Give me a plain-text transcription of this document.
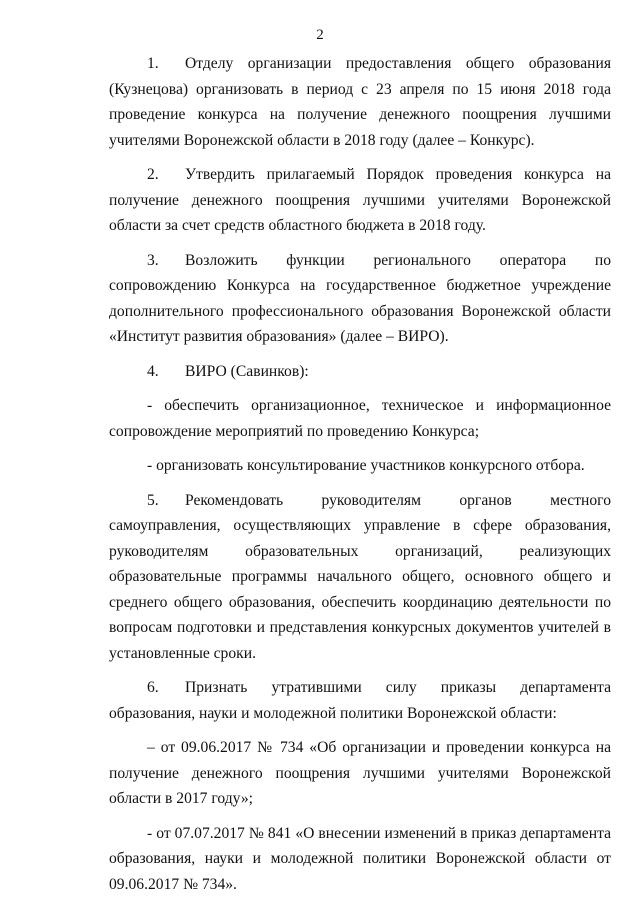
2

1. Отделу организации предоставления общего образования (Кузнецова) организовать в период с 23 апреля по 15 июня 2018 года проведение конкурса на получение денежного поощрения лучшими учителями Воронежской области в 2018 году (далее – Конкурс).

2. Утвердить прилагаемый Порядок проведения конкурса на получение денежного поощрения лучшими учителями Воронежской области за счет средств областного бюджета в 2018 году.

3. Возложить функции регионального оператора по сопровождению Конкурса на государственное бюджетное учреждение дополнительного профессионального образования Воронежской области «Институт развития образования» (далее – ВИРО).

4. ВИРО (Савинков):

- обеспечить организационное, техническое и информационное сопровождение мероприятий по проведению Конкурса;

- организовать консультирование участников конкурсного отбора.

5. Рекомендовать руководителям органов местного самоуправления, осуществляющих управление в сфере образования, руководителям образовательных организаций, реализующих образовательные программы начального общего, основного общего и среднего общего образования, обеспечить координацию деятельности по вопросам подготовки и представления конкурсных документов учителей в установленные сроки.

6. Признать утратившими силу приказы департамента образования, науки и молодежной политики Воронежской области:

– от 09.06.2017 № 734 «Об организации и проведении конкурса на получение денежного поощрения лучшими учителями Воронежской области в 2017 году»;

- от 07.07.2017 № 841 «О внесении изменений в приказ департамента образования, науки и молодежной политики Воронежской области от 09.06.2017 № 734».
